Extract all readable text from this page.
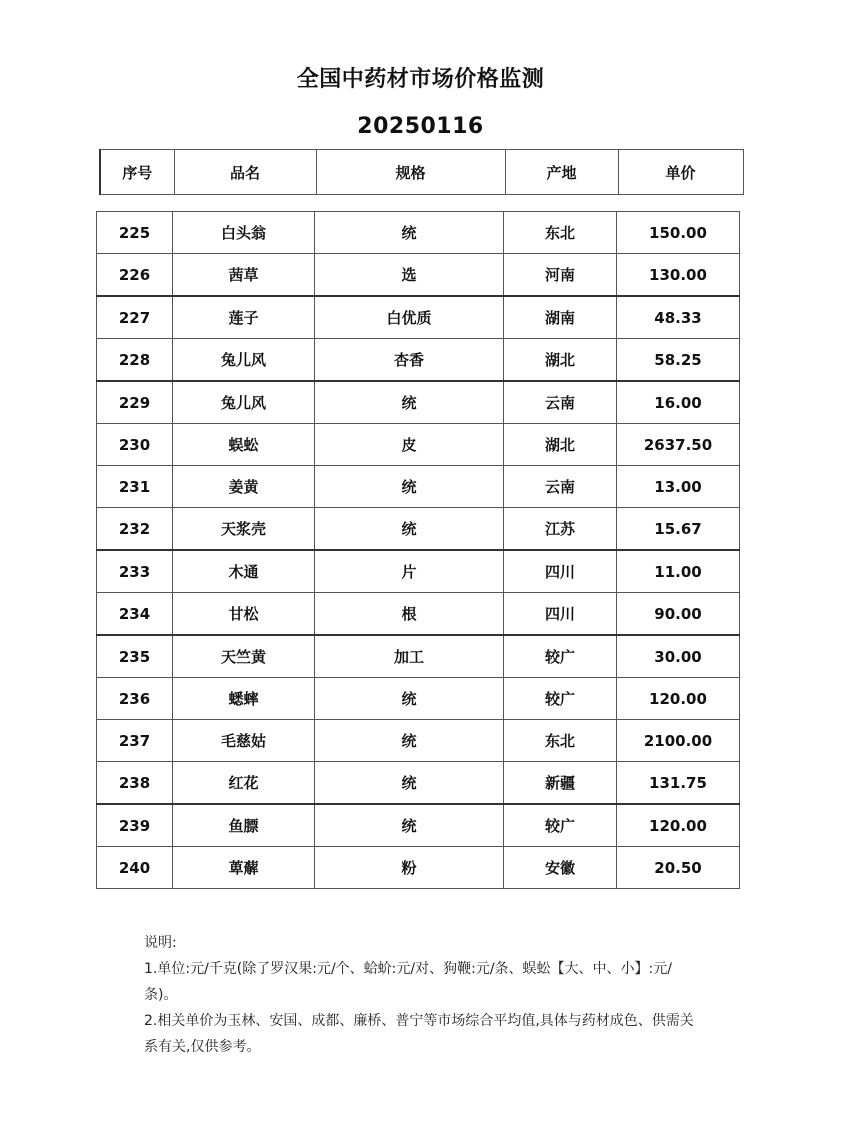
全国中药材市场价格监测
20250116
序号	品名	规格	产地	单价
225	白头翁	统	东北	150.00
226	茜草	选	河南	130.00
227	莲子	白优质	湖南	48.33
228	兔儿风	杏香	湖北	58.25
229	兔儿风	统	云南	16.00
230	蜈蚣	皮	湖北	2637.50
231	姜黄	统	云南	13.00
232	天浆壳	统	江苏	15.67
233	木通	片	四川	11.00
234	甘松	根	四川	90.00
235	天竺黄	加工	较广	30.00
236	蟋蟀	统	较广	120.00
237	毛慈姑	统	东北	2100.00
238	红花	统	新疆	131.75
239	鱼膘	统	较广	120.00
240	萆薢	粉	安徽	20.50

说明:

1.单位:元/千克(除了罗汉果:元/个、蛤蚧:元/对、狗鞭:元/条、蜈蚣【大、中、小】:元/条)。

2.相关单价为玉林、安国、成都、廉桥、普宁等市场综合平均值,具体与药材成色、供需关系有关,仅供参考。
